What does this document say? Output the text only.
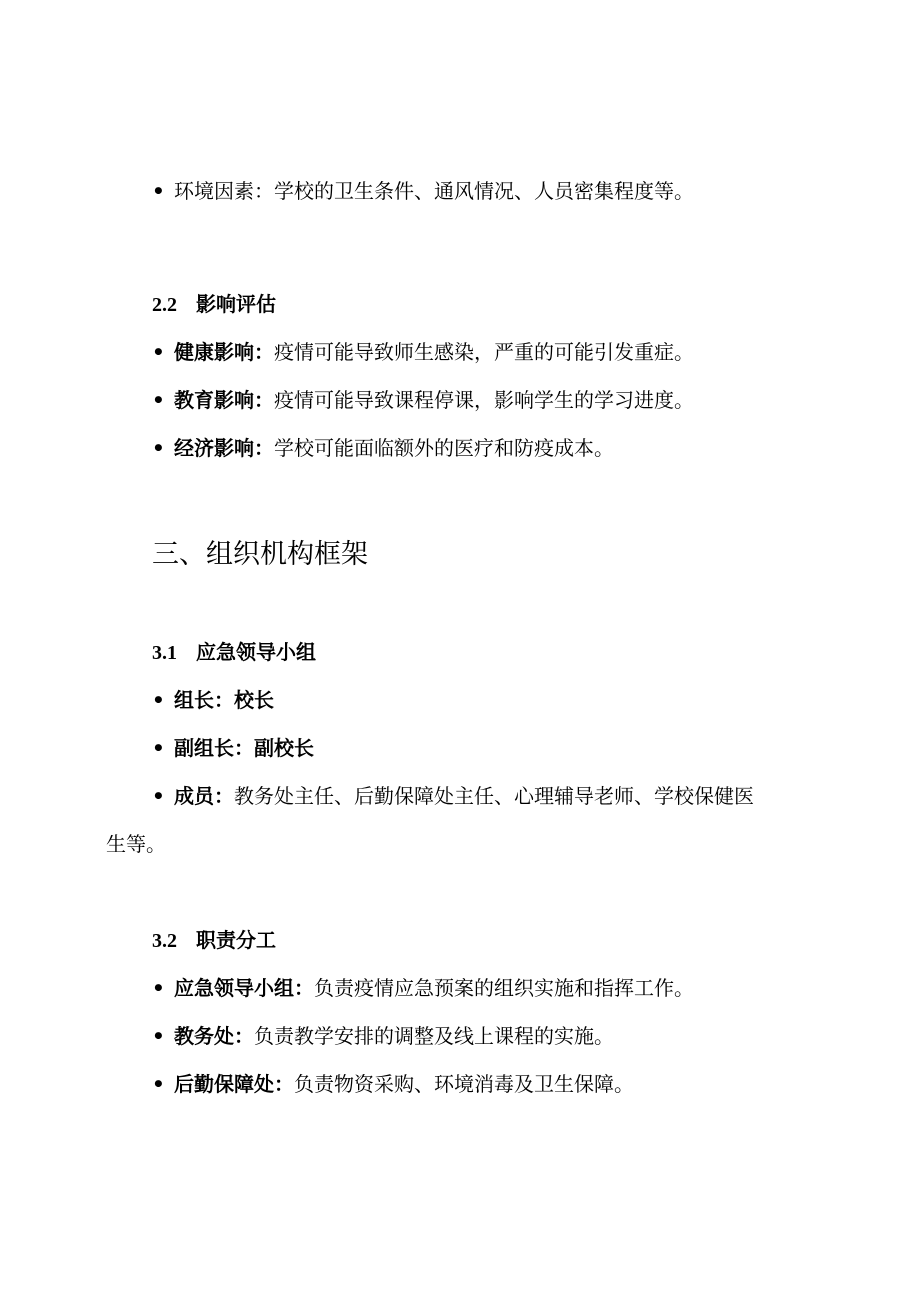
• 环境因素：学校的卫生条件、通风情况、人员密集程度等。
2.2 影响评估
• 健康影响：疫情可能导致师生感染，严重的可能引发重症。
• 教育影响：疫情可能导致课程停课，影响学生的学习进度。
• 经济影响：学校可能面临额外的医疗和防疫成本。
三、组织机构框架
3.1 应急领导小组
• 组长：校长
• 副组长：副校长
• 成员：教务处主任、后勤保障处主任、心理辅导老师、学校保健医
生等。
3.2 职责分工
• 应急领导小组：负责疫情应急预案的组织实施和指挥工作。
• 教务处：负责教学安排的调整及线上课程的实施。
• 后勤保障处：负责物资采购、环境消毒及卫生保障。
